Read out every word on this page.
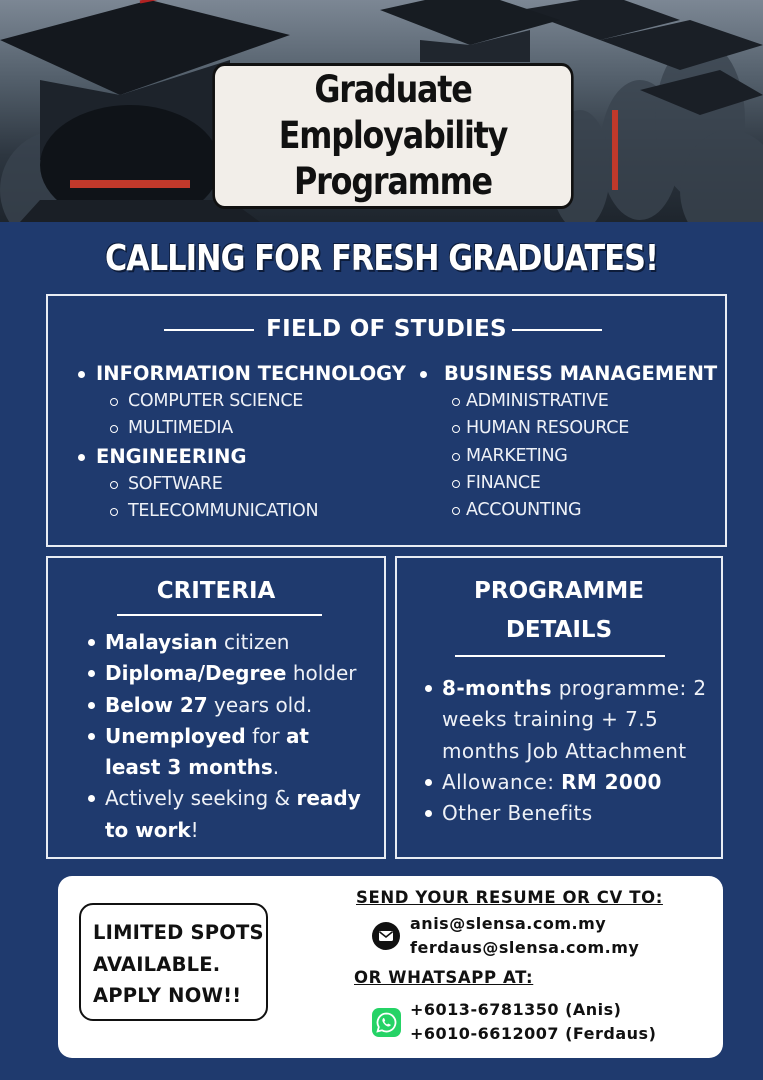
Graduate Employability
Programme
CALLING FOR FRESH GRADUATES!
FIELD OF STUDIES
INFORMATION TECHNOLOGY
COMPUTER SCIENCE
MULTIMEDIA
ENGINEERING
SOFTWARE
TELECOMMUNICATION
BUSINESS MANAGEMENT
ADMINISTRATIVE
HUMAN RESOURCE
MARKETING
FINANCE
ACCOUNTING
CRITERIA
Malaysian citizen
Diploma/Degree holder
Below 27 years old.
Unemployed for at least 3 months.
Actively seeking & ready to work!
PROGRAMME
DETAILS
8-months programme: 2 weeks training + 7.5 months Job Attachment
Allowance: RM 2000
Other Benefits
LIMITED SPOTS
AVAILABLE.
APPLY NOW!!
SEND YOUR RESUME OR CV TO:
anis@slensa.com.my
ferdaus@slensa.com.my
OR WHATSAPP AT:
+6013-6781350 (Anis)
+6010-6612007 (Ferdaus)
